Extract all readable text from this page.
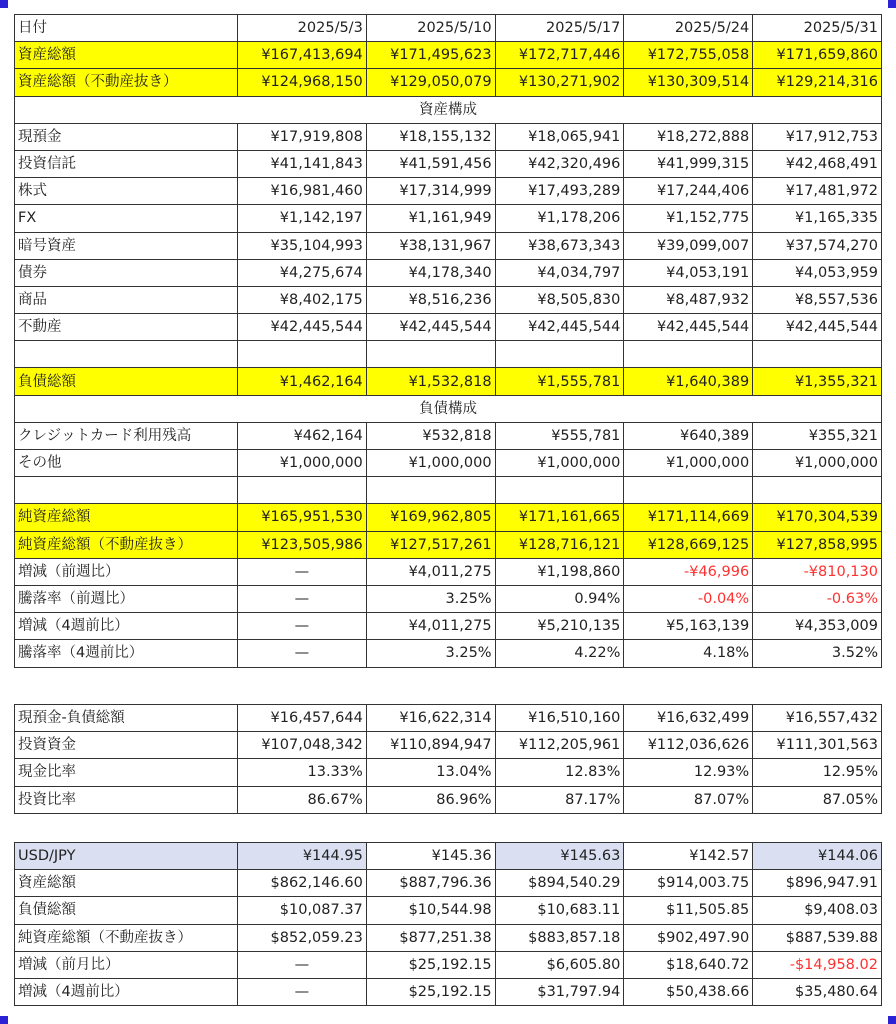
日付	2025/5/3	2025/5/10	2025/5/17	2025/5/24	2025/5/31
資産総額	¥167,413,694	¥171,495,623	¥172,717,446	¥172,755,058	¥171,659,860
資産総額（不動産抜き）	¥124,968,150	¥129,050,079	¥130,271,902	¥130,309,514	¥129,214,316
資産構成					
現預金	¥17,919,808	¥18,155,132	¥18,065,941	¥18,272,888	¥17,912,753
投資信託	¥41,141,843	¥41,591,456	¥42,320,496	¥41,999,315	¥42,468,491
株式	¥16,981,460	¥17,314,999	¥17,493,289	¥17,244,406	¥17,481,972
FX	¥1,142,197	¥1,161,949	¥1,178,206	¥1,152,775	¥1,165,335
暗号資産	¥35,104,993	¥38,131,967	¥38,673,343	¥39,099,007	¥37,574,270
債券	¥4,275,674	¥4,178,340	¥4,034,797	¥4,053,191	¥4,053,959
商品	¥8,402,175	¥8,516,236	¥8,505,830	¥8,487,932	¥8,557,536
不動産	¥42,445,544	¥42,445,544	¥42,445,544	¥42,445,544	¥42,445,544

負債総額	¥1,462,164	¥1,532,818	¥1,555,781	¥1,640,389	¥1,355,321
負債構成					
クレジットカード利用残高	¥462,164	¥532,818	¥555,781	¥640,389	¥355,321
その他	¥1,000,000	¥1,000,000	¥1,000,000	¥1,000,000	¥1,000,000

純資産総額	¥165,951,530	¥169,962,805	¥171,161,665	¥171,114,669	¥170,304,539
純資産総額（不動産抜き）	¥123,505,986	¥127,517,261	¥128,716,121	¥128,669,125	¥127,858,995
増減（前週比）	—	¥4,011,275	¥1,198,860	-¥46,996	-¥810,130
騰落率（前週比）	—	3.25%	0.94%	-0.04%	-0.63%
増減（4週前比）	—	¥4,011,275	¥5,210,135	¥5,163,139	¥4,353,009
騰落率（4週前比）	—	3.25%	4.22%	4.18%	3.52%
現預金-負債総額	¥16,457,644	¥16,622,314	¥16,510,160	¥16,632,499	¥16,557,432
投資資金	¥107,048,342	¥110,894,947	¥112,205,961	¥112,036,626	¥111,301,563
現金比率	13.33%	13.04%	12.83%	12.93%	12.95%
投資比率	86.67%	86.96%	87.17%	87.07%	87.05%
USD/JPY	¥144.95	¥145.36	¥145.63	¥142.57	¥144.06
資産総額	$862,146.60	$887,796.36	$894,540.29	$914,003.75	$896,947.91
負債総額	$10,087.37	$10,544.98	$10,683.11	$11,505.85	$9,408.03
純資産総額（不動産抜き）	$852,059.23	$877,251.38	$883,857.18	$902,497.90	$887,539.88
増減（前月比）	—	$25,192.15	$6,605.80	$18,640.72	-$14,958.02
増減（4週前比）	—	$25,192.15	$31,797.94	$50,438.66	$35,480.64
